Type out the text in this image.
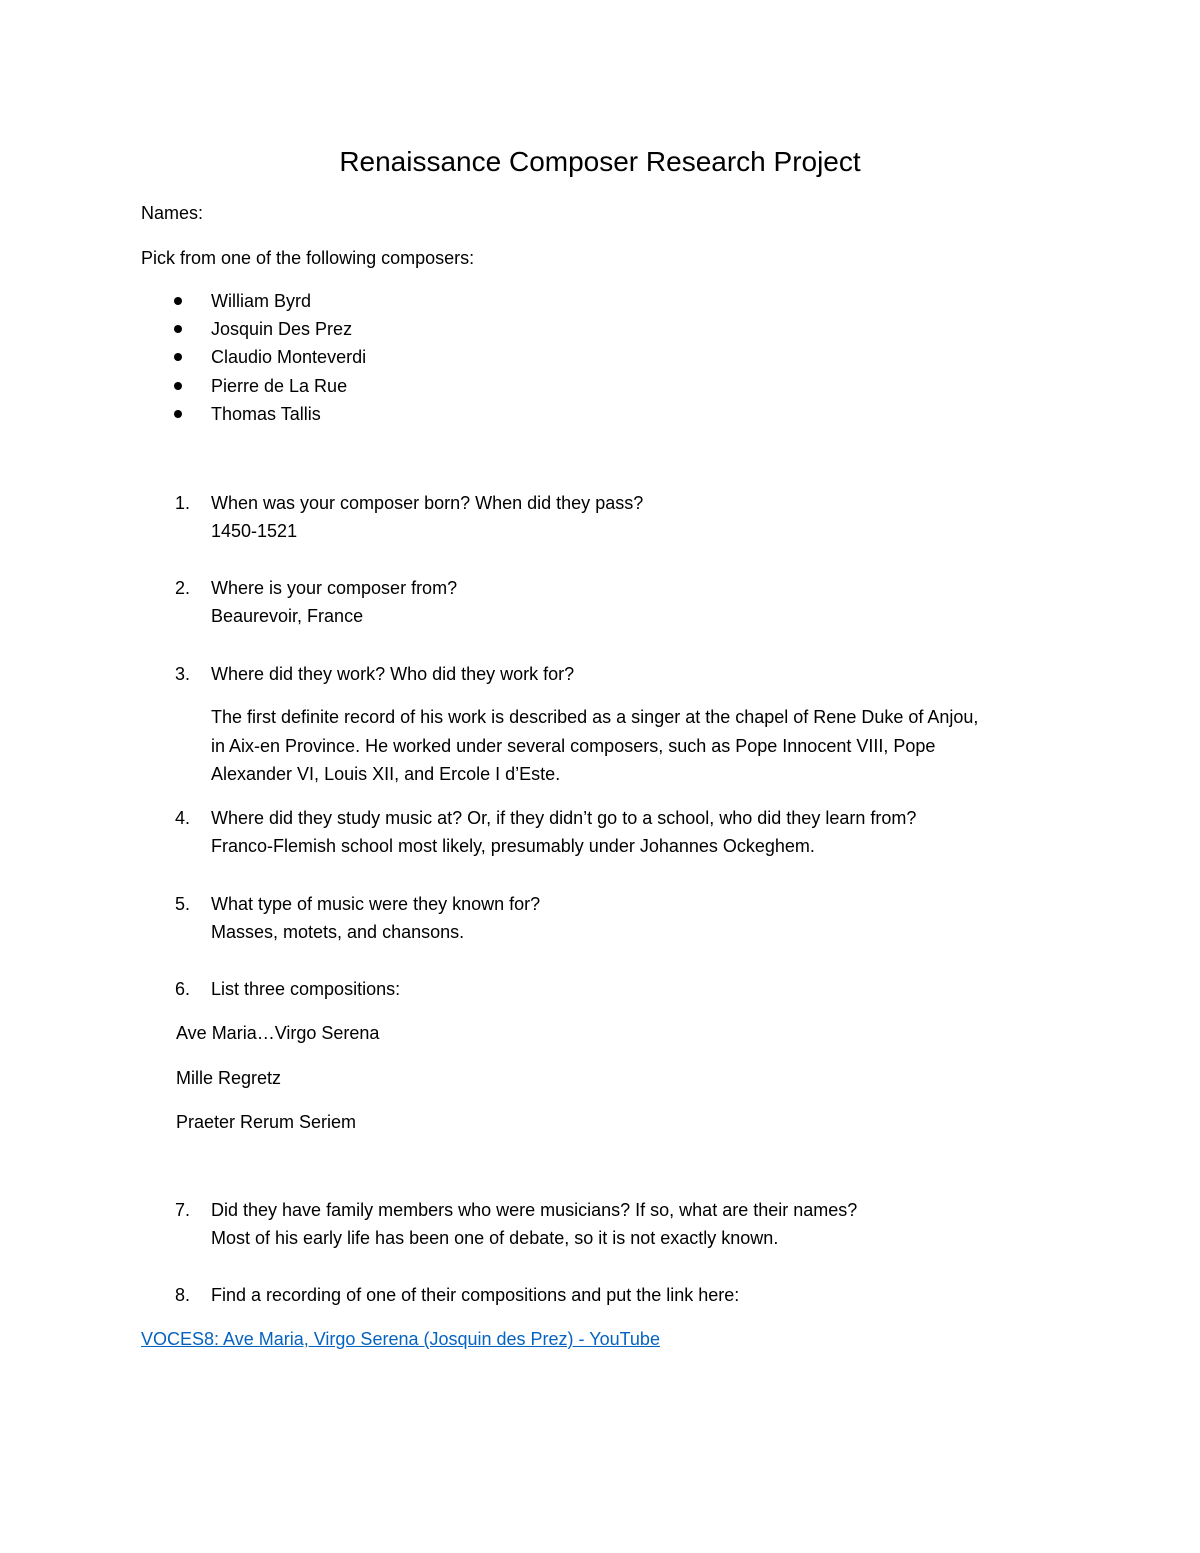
Renaissance Composer Research Project

Names:

Pick from one of the following composers:

William Byrd
Josquin Des Prez
Claudio Monteverdi
Pierre de La Rue
Thomas Tallis
1. When was your composer born? When did they pass?
1450-1521
2. Where is your composer from?
Beaurevoir, France
3. Where did they work? Who did they work for?
The first definite record of his work is described as a singer at the chapel of Rene Duke of Anjou,
in Aix-en Province. He worked under several composers, such as Pope Innocent VIII, Pope
Alexander VI, Louis XII, and Ercole I d’Este.
4. Where did they study music at? Or, if they didn’t go to a school, who did they learn from?
Franco-Flemish school most likely, presumably under Johannes Ockeghem.
5. What type of music were they known for?
Masses, motets, and chansons.
6. List three compositions:
Ave Maria…Virgo Serena
Mille Regretz
Praeter Rerum Seriem
7. Did they have family members who were musicians? If so, what are their names?
Most of his early life has been one of debate, so it is not exactly known.
8. Find a recording of one of their compositions and put the link here:
VOCES8: Ave Maria, Virgo Serena (Josquin des Prez) - YouTube
